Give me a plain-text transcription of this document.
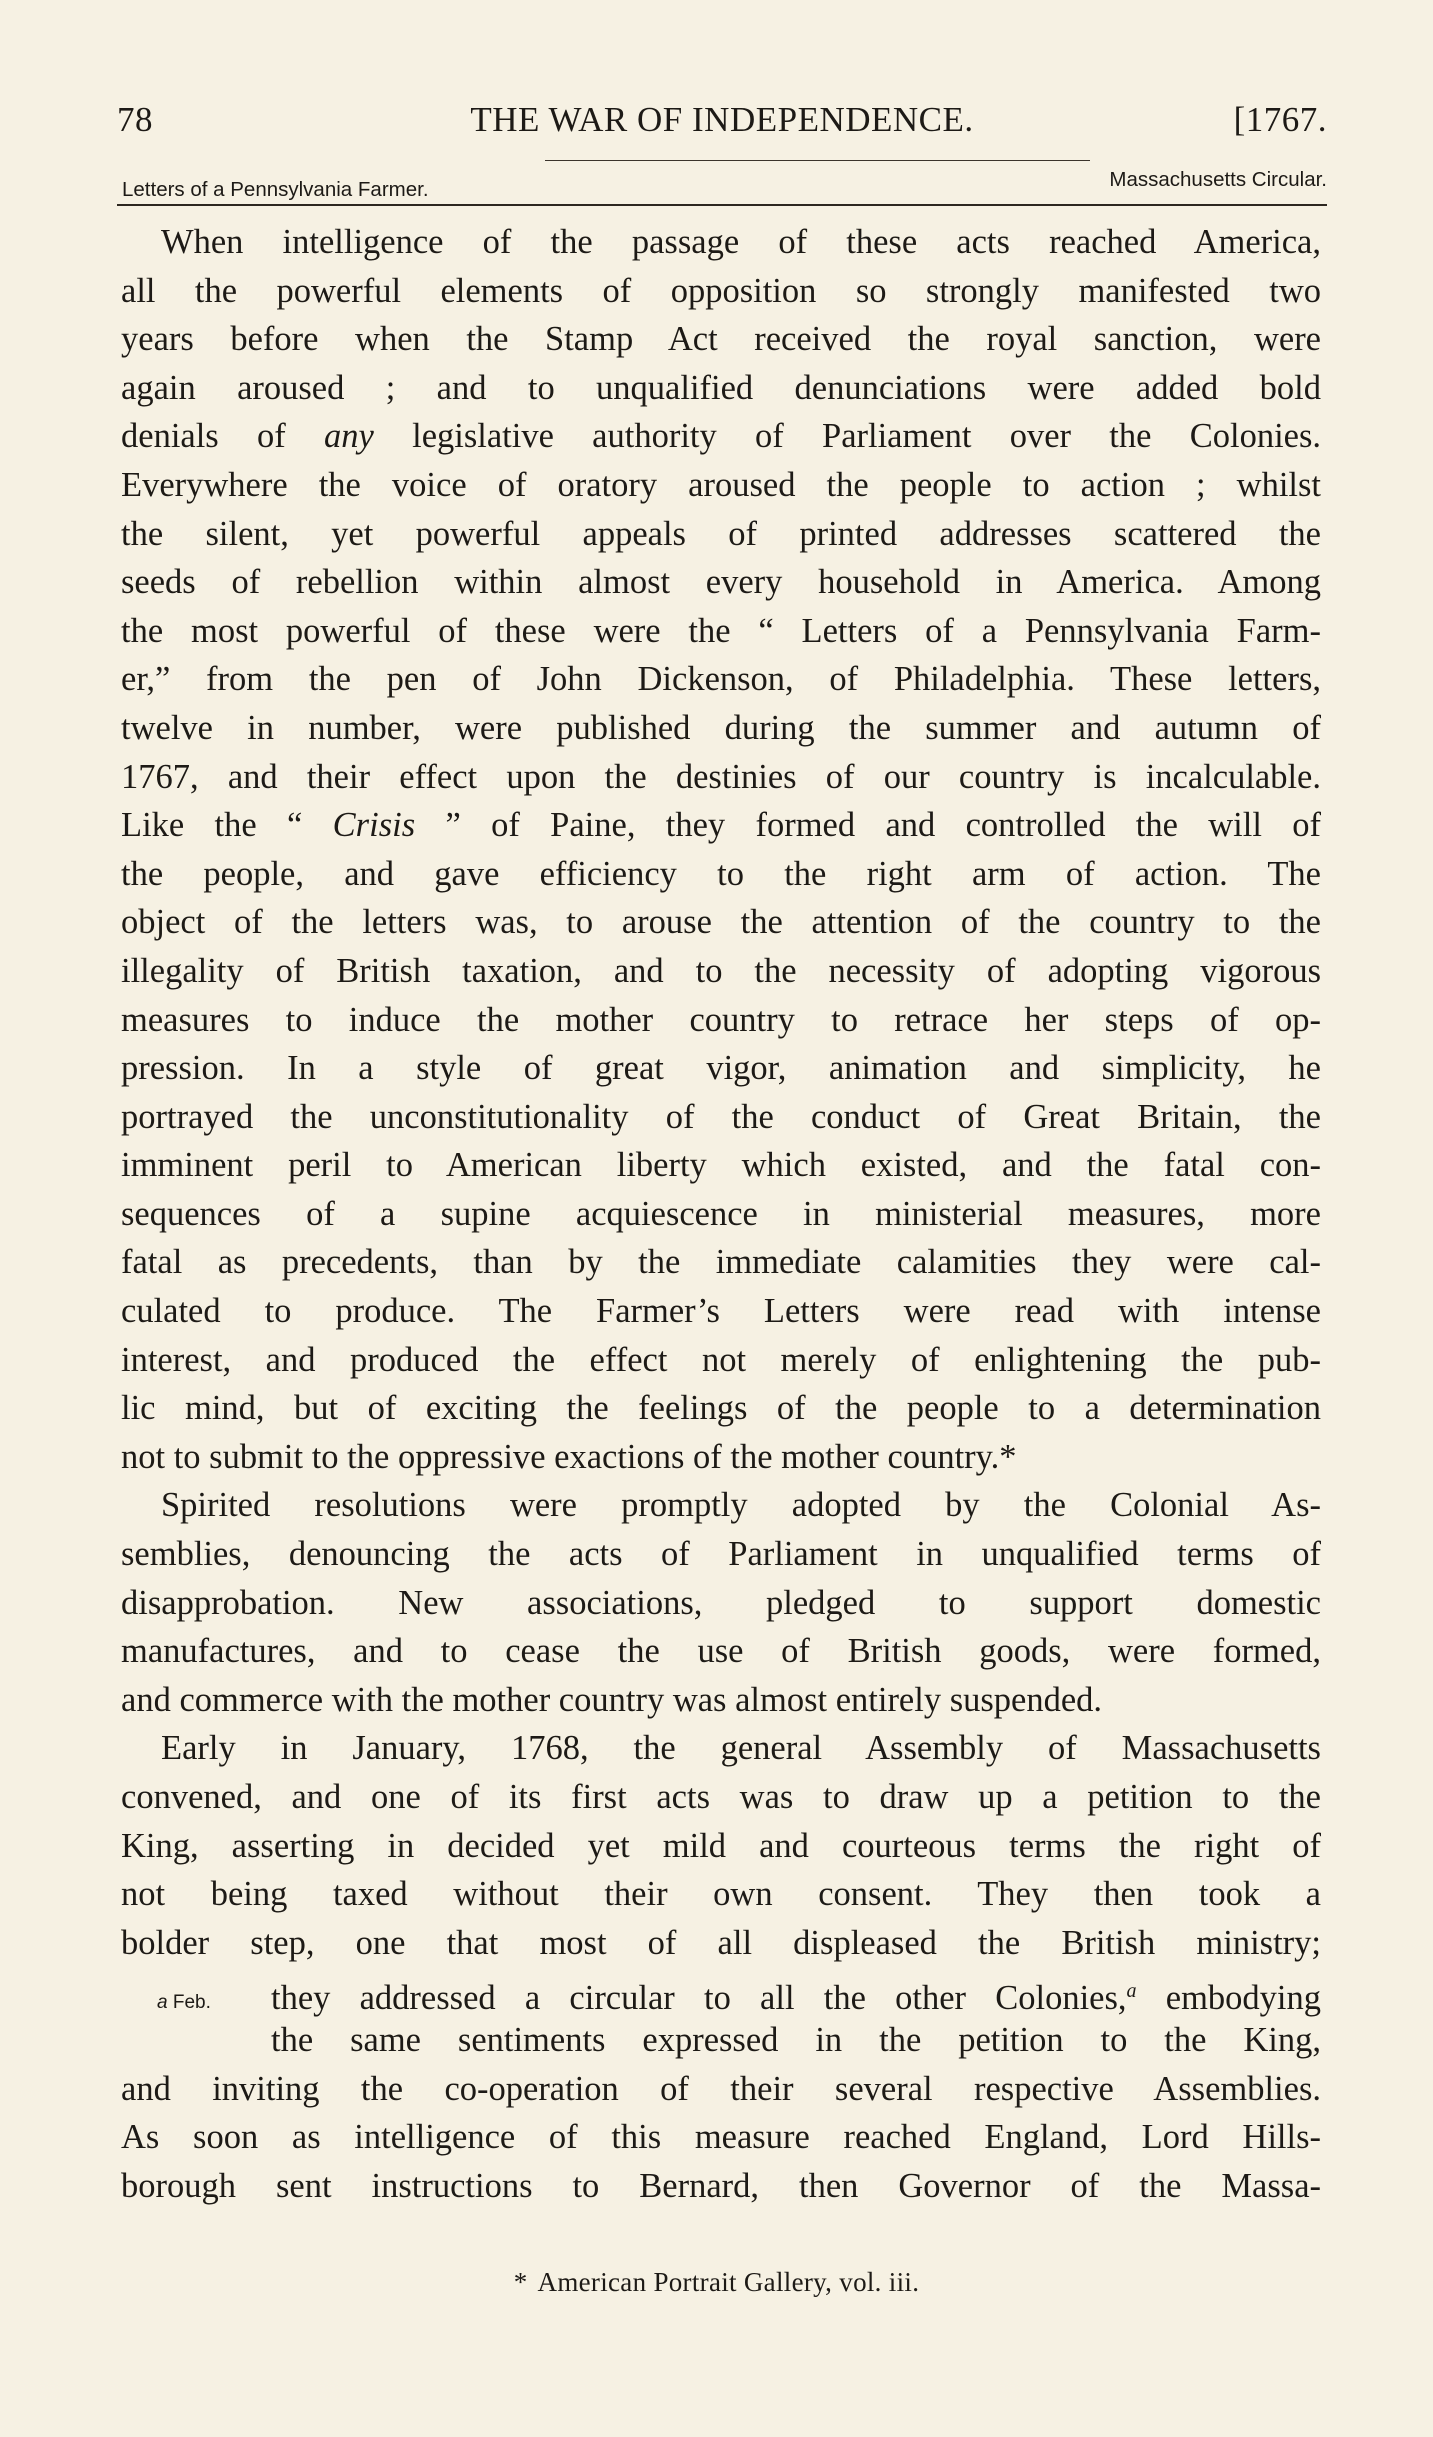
78	THE WAR OF INDEPENDENCE.	[1767.
Letters of a Pennsylvania Farmer.	Massachusetts Circular.
When intelligence of the passage of these acts reached America,
all the powerful elements of opposition so strongly manifested two
years before when the Stamp Act received the royal sanction, were
again aroused ; and to unqualified denunciations were added bold
denials of any legislative authority of Parliament over the Colonies.
Everywhere the voice of oratory aroused the people to action ; whilst
the silent, yet powerful appeals of printed addresses scattered the
seeds of rebellion within almost every household in America. Among
the most powerful of these were the “ Letters of a Pennsylvania Farm-
er,” from the pen of John Dickenson, of Philadelphia. These letters,
twelve in number, were published during the summer and autumn of
1767, and their effect upon the destinies of our country is incalculable.
Like the “ Crisis ” of Paine, they formed and controlled the will of
the people, and gave efficiency to the right arm of action. The
object of the letters was, to arouse the attention of the country to the
illegality of British taxation, and to the necessity of adopting vigorous
measures to induce the mother country to retrace her steps of op-
pression. In a style of great vigor, animation and simplicity, he
portrayed the unconstitutionality of the conduct of Great Britain, the
imminent peril to American liberty which existed, and the fatal con-
sequences of a supine acquiescence in ministerial measures, more
fatal as precedents, than by the immediate calamities they were cal-
culated to produce. The Farmer’s Letters were read with intense
interest, and produced the effect not merely of enlightening the pub-
lic mind, but of exciting the feelings of the people to a determination
not to submit to the oppressive exactions of the mother country.*
Spirited resolutions were promptly adopted by the Colonial As-
semblies, denouncing the acts of Parliament in unqualified terms of
disapprobation. New associations, pledged to support domestic
manufactures, and to cease the use of British goods, were formed,
and commerce with the mother country was almost entirely suspended.
Early in January, 1768, the general Assembly of Massachusetts
convened, and one of its first acts was to draw up a petition to the
King, asserting in decided yet mild and courteous terms the right of
not being taxed without their own consent. They then took a
bolder step, one that most of all displeased the British ministry;
they addressed a circular to all the other Colonies,$^a$ embodying
the same sentiments expressed in the petition to the King,
and inviting the co-operation of their several respective Assemblies.
As soon as intelligence of this measure reached England, Lord Hills-
borough sent instructions to Bernard, then Governor of the Massa-
a Feb.
* American Portrait Gallery, vol. iii.
